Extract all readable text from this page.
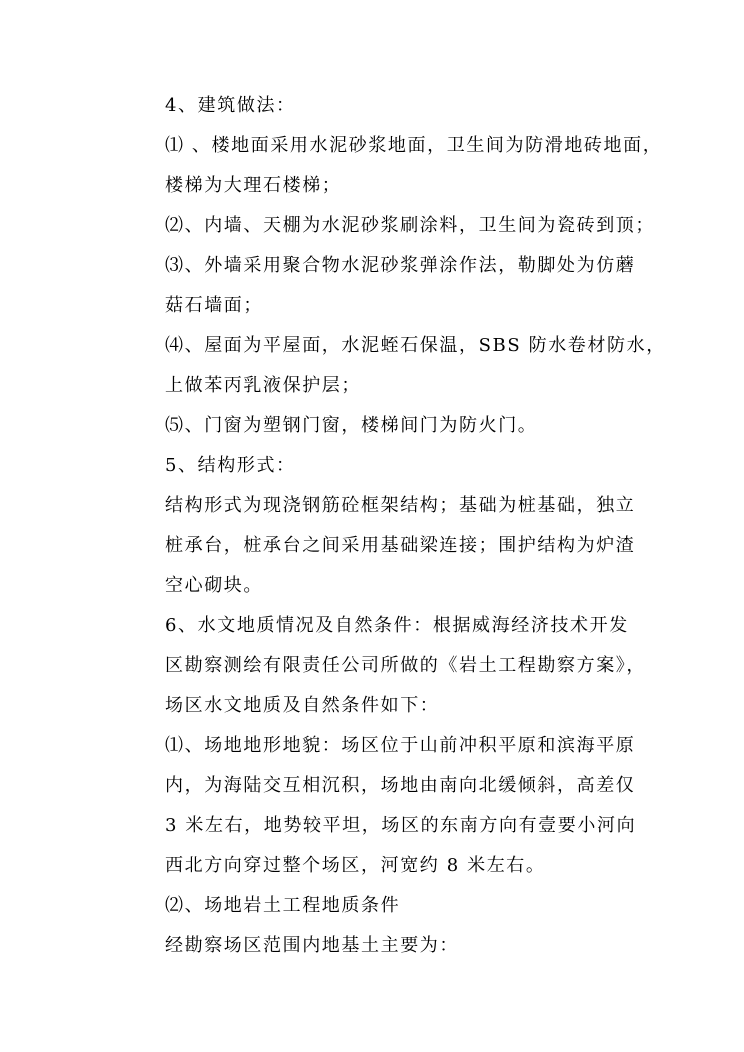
4、建筑做法：
⑴ 、楼地面采用水泥砂浆地面，卫生间为防滑地砖地面，
楼梯为大理石楼梯；
⑵、内墙、天棚为水泥砂浆刷涂料，卫生间为瓷砖到顶；
⑶、外墙采用聚合物水泥砂浆弹涂作法，勒脚处为仿蘑
菇石墙面；
⑷、屋面为平屋面，水泥蛭石保温，SBS 防水卷材防水，
上做苯丙乳液保护层；
⑸、门窗为塑钢门窗，楼梯间门为防火门。
5、结构形式：
结构形式为现浇钢筋砼框架结构；基础为桩基础，独立
桩承台，桩承台之间采用基础梁连接；围护结构为炉渣
空心砌块。
6、水文地质情况及自然条件：根据威海经济技术开发
区勘察测绘有限责任公司所做的《岩土工程勘察方案》，
场区水文地质及自然条件如下：
⑴、场地地形地貌：场区位于山前冲积平原和滨海平原
内，为海陆交互相沉积，场地由南向北缓倾斜，高差仅
3 米左右，地势较平坦，场区的东南方向有壹要小河向
西北方向穿过整个场区，河宽约 8 米左右。
⑵、场地岩土工程地质条件
经勘察场区范围内地基土主要为：
